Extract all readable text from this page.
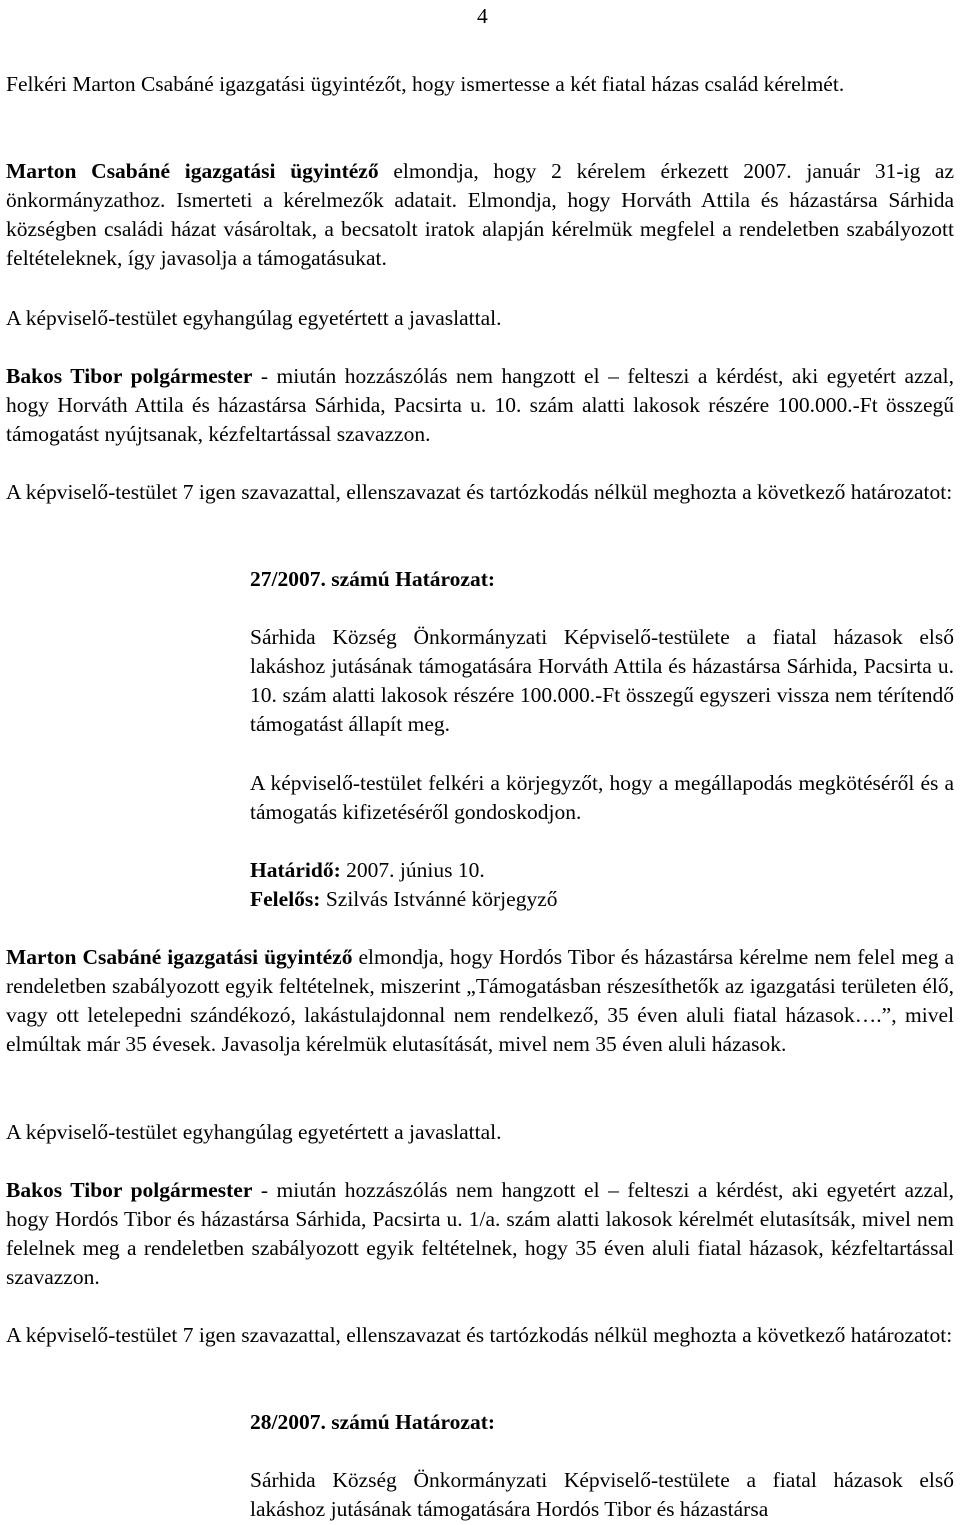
4

Felkéri Marton Csabáné igazgatási ügyintézőt, hogy ismertesse a két fiatal házas család kérelmét.

Marton Csabáné igazgatási ügyintéző elmondja, hogy 2 kérelem érkezett 2007. január 31-ig az önkormányzathoz. Ismerteti a kérelmezők adatait. Elmondja, hogy Horváth Attila és házastársa Sárhida községben családi házat vásároltak, a becsatolt iratok alapján kérelmük megfelel a rendeletben szabályozott feltételeknek, így javasolja a támogatásukat.

A képviselő-testület egyhangúlag egyetértett a javaslattal.

Bakos Tibor polgármester - miután hozzászólás nem hangzott el – felteszi a kérdést, aki egyetért azzal, hogy Horváth Attila és házastársa Sárhida, Pacsirta u. 10. szám alatti lakosok részére 100.000.-Ft összegű támogatást nyújtsanak, kézfeltartással szavazzon.

A képviselő-testület 7 igen szavazattal, ellenszavazat és tartózkodás nélkül meghozta a következő határozatot:

27/2007. számú Határozat:

Sárhida Község Önkormányzati Képviselő-testülete a fiatal házasok első lakáshoz jutásának támogatására Horváth Attila és házastársa Sárhida, Pacsirta u. 10. szám alatti lakosok részére 100.000.-Ft összegű egyszeri vissza nem térítendő támogatást állapít meg.

A képviselő-testület felkéri a körjegyzőt, hogy a megállapodás megkötéséről és a támogatás kifizetéséről gondoskodjon.

Határidő: 2007. június 10.

Felelős: Szilvás Istvánné körjegyző

Marton Csabáné igazgatási ügyintéző elmondja, hogy Hordós Tibor és házastársa kérelme nem felel meg a rendeletben szabályozott egyik feltételnek, miszerint „Támogatásban részesíthetők az igazgatási területen élő, vagy ott letelepedni szándékozó, lakástulajdonnal nem rendelkező, 35 éven aluli fiatal házasok….”, mivel elmúltak már 35 évesek. Javasolja kérelmük elutasítását, mivel nem 35 éven aluli házasok.

A képviselő-testület egyhangúlag egyetértett a javaslattal.

Bakos Tibor polgármester - miután hozzászólás nem hangzott el – felteszi a kérdést, aki egyetért azzal, hogy Hordós Tibor és házastársa Sárhida, Pacsirta u. 1/a. szám alatti lakosok kérelmét elutasítsák, mivel nem felelnek meg a rendeletben szabályozott egyik feltételnek, hogy 35 éven aluli fiatal házasok, kézfeltartással szavazzon.

A képviselő-testület 7 igen szavazattal, ellenszavazat és tartózkodás nélkül meghozta a következő határozatot:

28/2007. számú Határozat:

Sárhida Község Önkormányzati Képviselő-testülete a fiatal házasok első lakáshoz jutásának támogatására Hordós Tibor és házastársa
